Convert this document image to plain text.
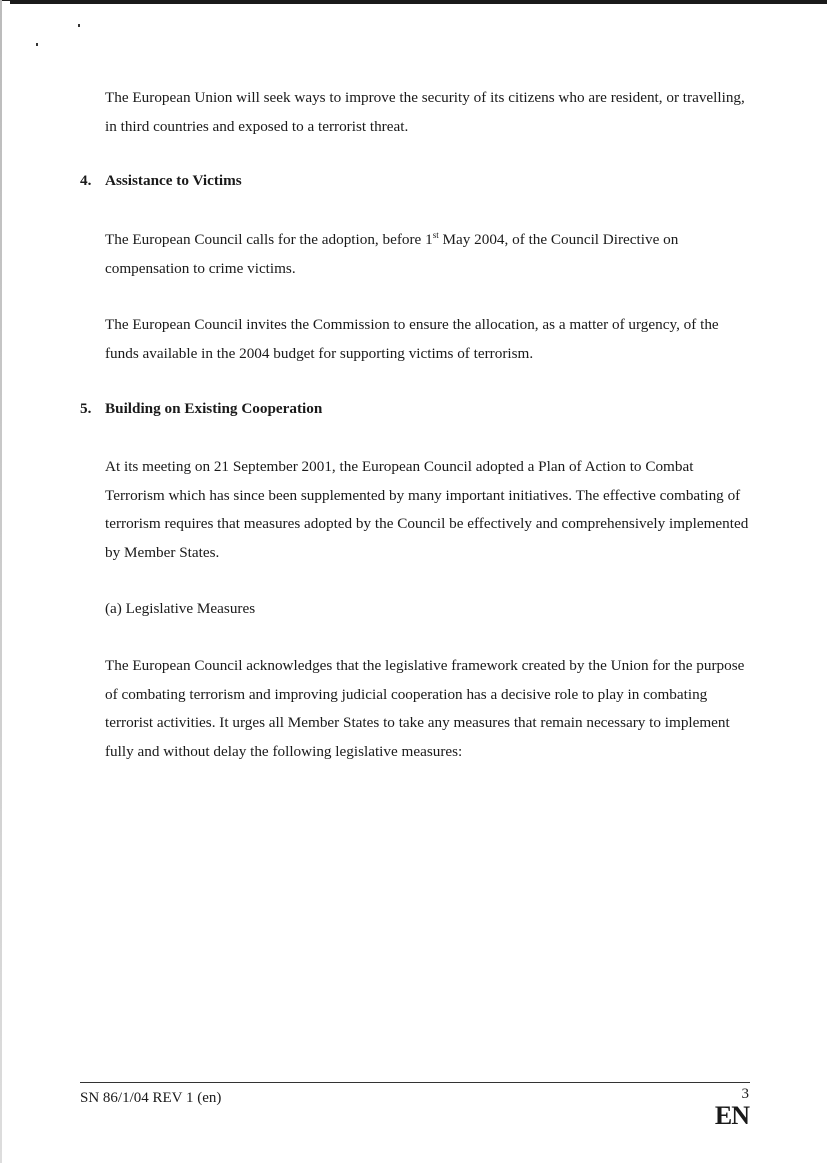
The European Union will seek ways to improve the security of its citizens who are resident, or travelling, in third countries and exposed to a terrorist threat.

4. Assistance to Victims

The European Council calls for the adoption, before 1st May 2004, of the Council Directive on compensation to crime victims.

The European Council invites the Commission to ensure the allocation, as a matter of urgency, of the funds available in the 2004 budget for supporting victims of terrorism.

5. Building on Existing Cooperation

At its meeting on 21 September 2001, the European Council adopted a Plan of Action to Combat Terrorism which has since been supplemented by many important initiatives. The effective combating of terrorism requires that measures adopted by the Council be effectively and comprehensively implemented by Member States.

(a) Legislative Measures

The European Council acknowledges that the legislative framework created by the Union for the purpose of combating terrorism and improving judicial cooperation has a decisive role to play in combating terrorist activities. It urges all Member States to take any measures that remain necessary to implement fully and without delay the following legislative measures:

SN 86/1/04 REV 1 (en)	3
EN
